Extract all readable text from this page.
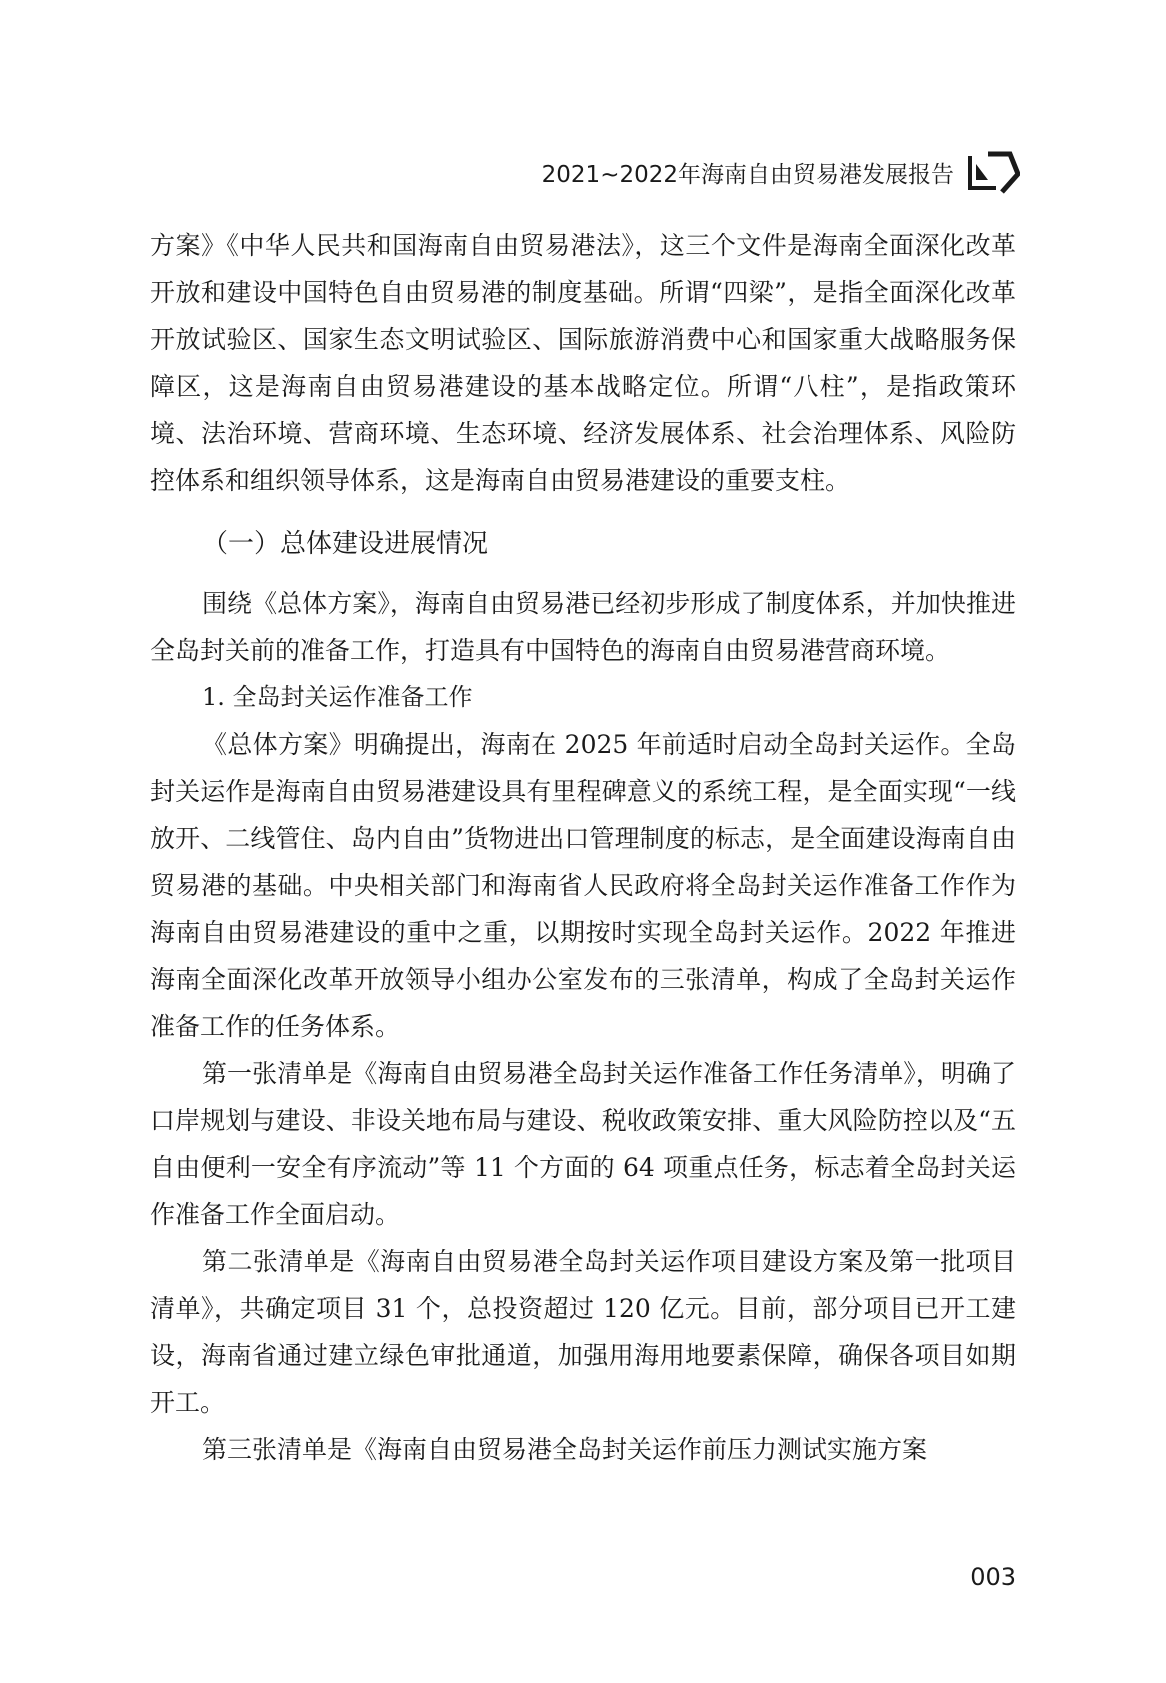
2021~2022年海南自由贸易港发展报告

方案》《中华人民共和国海南自由贸易港法》，这三个文件是海南全面深化改革开放和建设中国特色自由贸易港的制度基础。所谓“四梁”，是指全面深化改革开放试验区、国家生态文明试验区、国际旅游消费中心和国家重大战略服务保障区，这是海南自由贸易港建设的基本战略定位。所谓“八柱”，是指政策环境、法治环境、营商环境、生态环境、经济发展体系、社会治理体系、风险防控体系和组织领导体系，这是海南自由贸易港建设的重要支柱。

（一）总体建设进展情况

围绕《总体方案》，海南自由贸易港已经初步形成了制度体系，并加快推进全岛封关前的准备工作，打造具有中国特色的海南自由贸易港营商环境。

1. 全岛封关运作准备工作

《总体方案》明确提出，海南在 2025 年前适时启动全岛封关运作。全岛封关运作是海南自由贸易港建设具有里程碑意义的系统工程，是全面实现“一线放开、二线管住、岛内自由”货物进出口管理制度的标志，是全面建设海南自由贸易港的基础。中央相关部门和海南省人民政府将全岛封关运作准备工作作为海南自由贸易港建设的重中之重，以期按时实现全岛封关运作。2022 年推进海南全面深化改革开放领导小组办公室发布的三张清单，构成了全岛封关运作准备工作的任务体系。

第一张清单是《海南自由贸易港全岛封关运作准备工作任务清单》，明确了口岸规划与建设、非设关地布局与建设、税收政策安排、重大风险防控以及“五自由便利一安全有序流动”等 11 个方面的 64 项重点任务，标志着全岛封关运作准备工作全面启动。

第二张清单是《海南自由贸易港全岛封关运作项目建设方案及第一批项目清单》，共确定项目 31 个，总投资超过 120 亿元。目前，部分项目已开工建设，海南省通过建立绿色审批通道，加强用海用地要素保障，确保各项目如期开工。

第三张清单是《海南自由贸易港全岛封关运作前压力测试实施方案

003
